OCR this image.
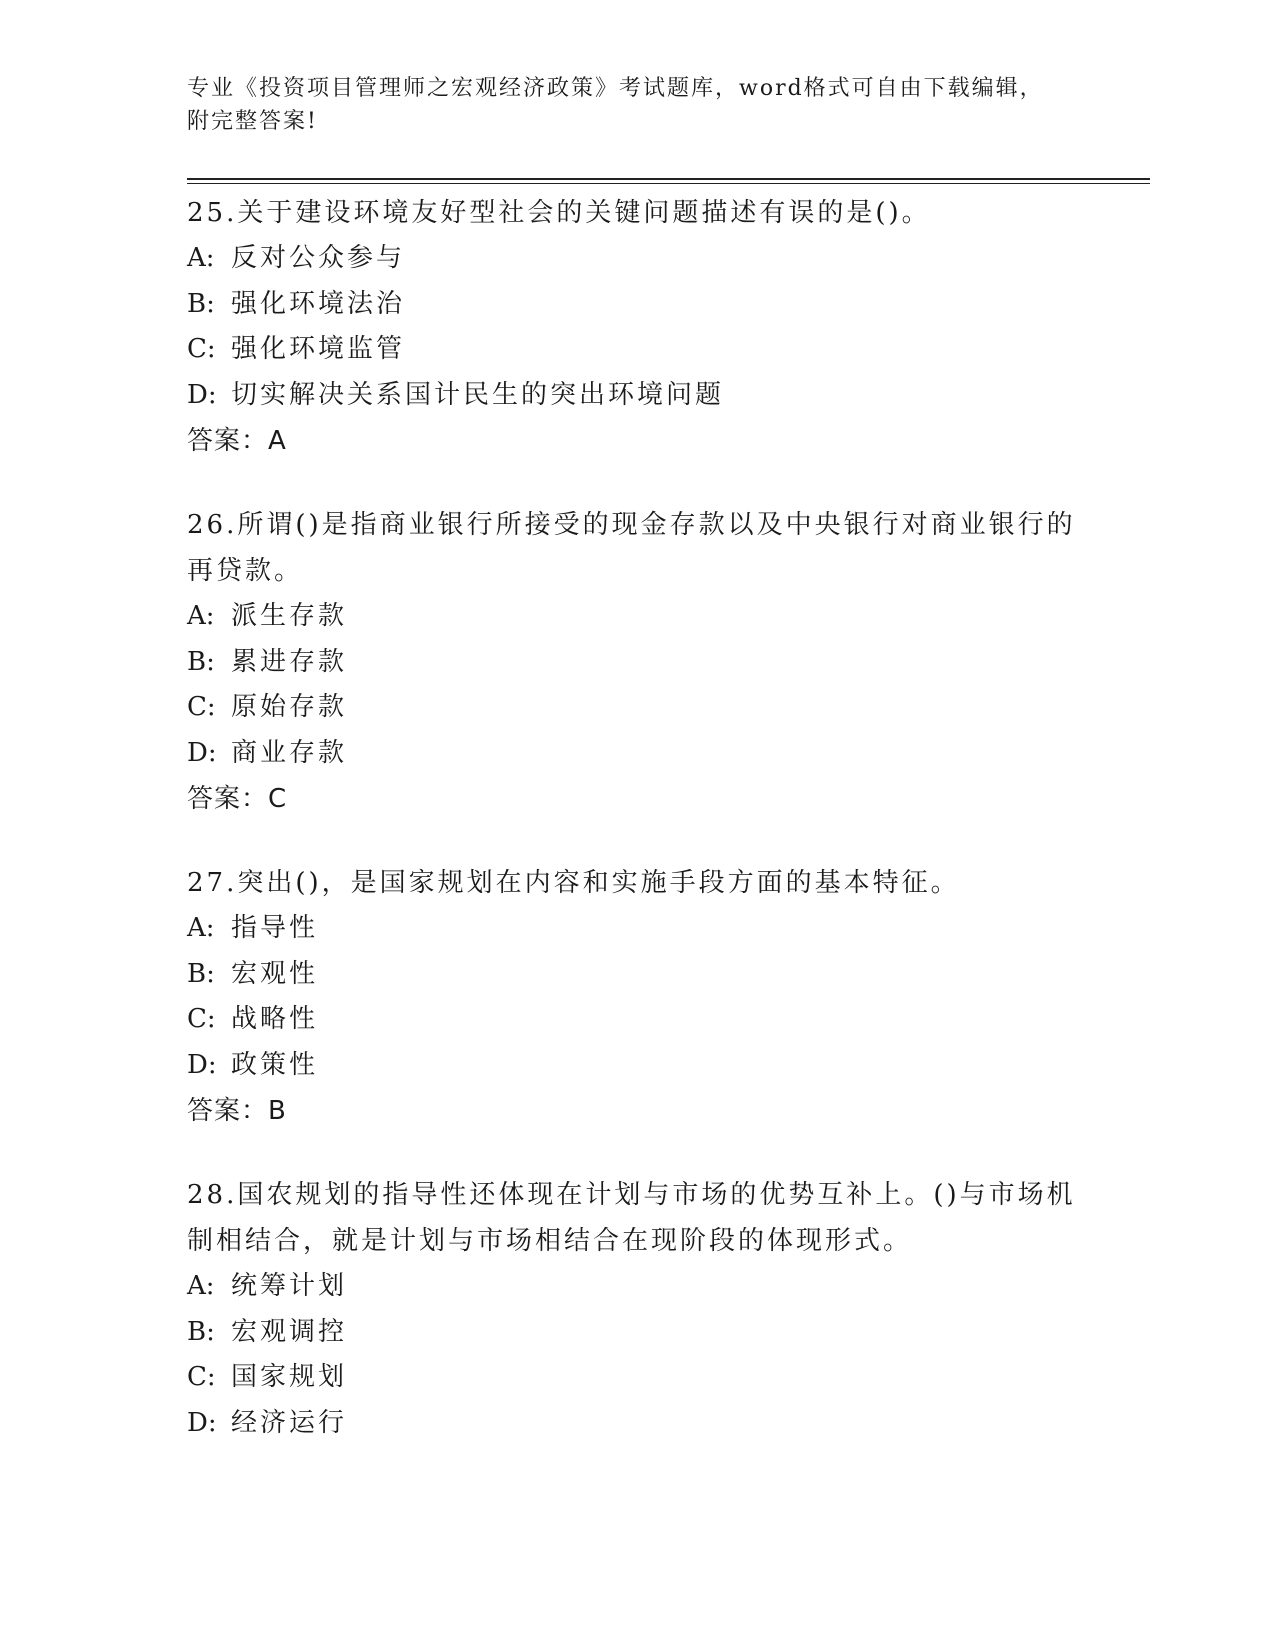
专业《投资项目管理师之宏观经济政策》考试题库，word格式可自由下载编辑，
附完整答案!

25.关于建设环境友好型社会的关键问题描述有误的是()。

A: 反对公众参与

B: 强化环境法治

C: 强化环境监管

D: 切实解决关系国计民生的突出环境问题

答案：A

26.所谓()是指商业银行所接受的现金存款以及中央银行对商业银行的再贷款。

A: 派生存款

B: 累进存款

C: 原始存款

D: 商业存款

答案：C

27.突出()，是国家规划在内容和实施手段方面的基本特征。

A: 指导性

B: 宏观性

C: 战略性

D: 政策性

答案：B

28.国农规划的指导性还体现在计划与市场的优势互补上。()与市场机制相结合，就是计划与市场相结合在现阶段的体现形式。

A: 统筹计划

B: 宏观调控

C: 国家规划

D: 经济运行
